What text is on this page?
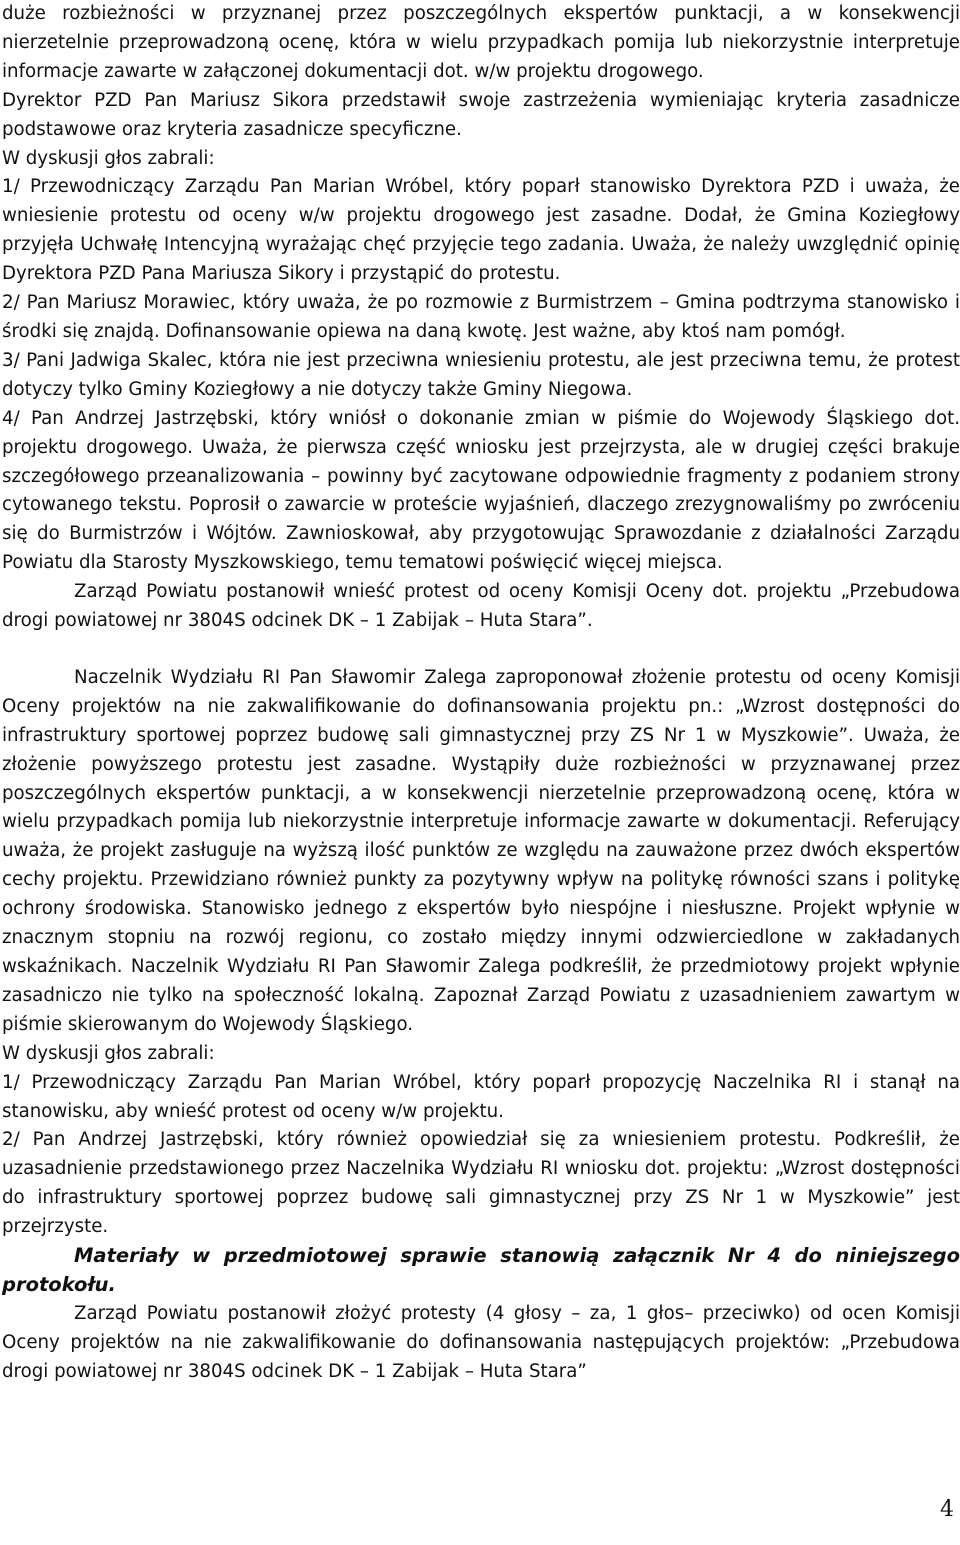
duże rozbieżności w przyznanej przez poszczególnych ekspertów punktacji, a w konsekwencji nierzetelnie przeprowadzoną ocenę, która w wielu przypadkach pomija lub niekorzystnie interpretuje informacje zawarte w załączonej dokumentacji dot. w/w projektu drogowego.

Dyrektor PZD Pan Mariusz Sikora przedstawił swoje zastrzeżenia wymieniając kryteria zasadnicze podstawowe oraz kryteria zasadnicze specyficzne.

W dyskusji głos zabrali:

1/ Przewodniczący Zarządu Pan Marian Wróbel, który poparł stanowisko Dyrektora PZD i uważa, że wniesienie protestu od oceny w/w projektu drogowego jest zasadne. Dodał, że Gmina Koziegłowy przyjęła Uchwałę Intencyjną wyrażając chęć przyjęcie tego zadania. Uważa, że należy uwzględnić opinię Dyrektora PZD Pana Mariusza Sikory i przystąpić do protestu.

2/ Pan Mariusz Morawiec, który uważa, że po rozmowie z Burmistrzem – Gmina podtrzyma stanowisko i środki się znajdą. Dofinansowanie opiewa na daną kwotę. Jest ważne, aby ktoś nam pomógł.

3/ Pani Jadwiga Skalec, która nie jest przeciwna wniesieniu protestu, ale jest przeciwna temu, że protest dotyczy tylko Gminy Koziegłowy a nie dotyczy także Gminy Niegowa.

4/ Pan Andrzej Jastrzębski, który wniósł o dokonanie zmian w piśmie do Wojewody Śląskiego dot. projektu drogowego. Uważa, że pierwsza część wniosku jest przejrzysta, ale w drugiej części brakuje szczegółowego przeanalizowania – powinny być zacytowane odpowiednie fragmenty z podaniem strony cytowanego tekstu. Poprosił o zawarcie w proteście wyjaśnień, dlaczego zrezygnowaliśmy po zwróceniu się do Burmistrzów i Wójtów. Zawnioskował, aby przygotowując Sprawozdanie z działalności Zarządu Powiatu dla Starosty Myszkowskiego, temu tematowi poświęcić więcej miejsca.

Zarząd Powiatu postanowił wnieść protest od oceny Komisji Oceny dot. projektu „Przebudowa drogi powiatowej nr 3804S odcinek DK – 1 Zabijak – Huta Stara”.

Naczelnik Wydziału RI Pan Sławomir Zalega zaproponował złożenie protestu od oceny Komisji Oceny projektów na nie zakwalifikowanie do dofinansowania projektu pn.: „Wzrost dostępności do infrastruktury sportowej poprzez budowę sali gimnastycznej przy ZS Nr 1 w Myszkowie”. Uważa, że złożenie powyższego protestu jest zasadne. Wystąpiły duże rozbieżności w przyznawanej przez poszczególnych ekspertów punktacji, a w konsekwencji nierzetelnie przeprowadzoną ocenę, która w wielu przypadkach pomija lub niekorzystnie interpretuje informacje zawarte w dokumentacji. Referujący uważa, że projekt zasługuje na wyższą ilość punktów ze względu na zauważone przez dwóch ekspertów cechy projektu. Przewidziano również punkty za pozytywny wpływ na politykę równości szans i politykę ochrony środowiska. Stanowisko jednego z ekspertów było niespójne i niesłuszne. Projekt wpłynie w znacznym stopniu na rozwój regionu, co zostało między innymi odzwierciedlone w zakładanych wskaźnikach. Naczelnik Wydziału RI Pan Sławomir Zalega podkreślił, że przedmiotowy projekt wpłynie zasadniczo nie tylko na społeczność lokalną. Zapoznał Zarząd Powiatu z uzasadnieniem zawartym w piśmie skierowanym do Wojewody Śląskiego.

W dyskusji głos zabrali:

1/ Przewodniczący Zarządu Pan Marian Wróbel, który poparł propozycję Naczelnika RI i stanął na stanowisku, aby wnieść protest od oceny w/w projektu.

2/ Pan Andrzej Jastrzębski, który również opowiedział się za wniesieniem protestu. Podkreślił, że uzasadnienie przedstawionego przez Naczelnika Wydziału RI wniosku dot. projektu: „Wzrost dostępności do infrastruktury sportowej poprzez budowę sali gimnastycznej przy ZS Nr 1 w Myszkowie” jest przejrzyste.

Materiały w przedmiotowej sprawie stanowią załącznik Nr 4 do niniejszego protokołu.

Zarząd Powiatu postanowił złożyć protesty (4 głosy – za, 1 głos– przeciwko) od ocen Komisji Oceny projektów na nie zakwalifikowanie do dofinansowania następujących projektów: „Przebudowa drogi powiatowej nr 3804S odcinek DK – 1 Zabijak – Huta Stara”

4
